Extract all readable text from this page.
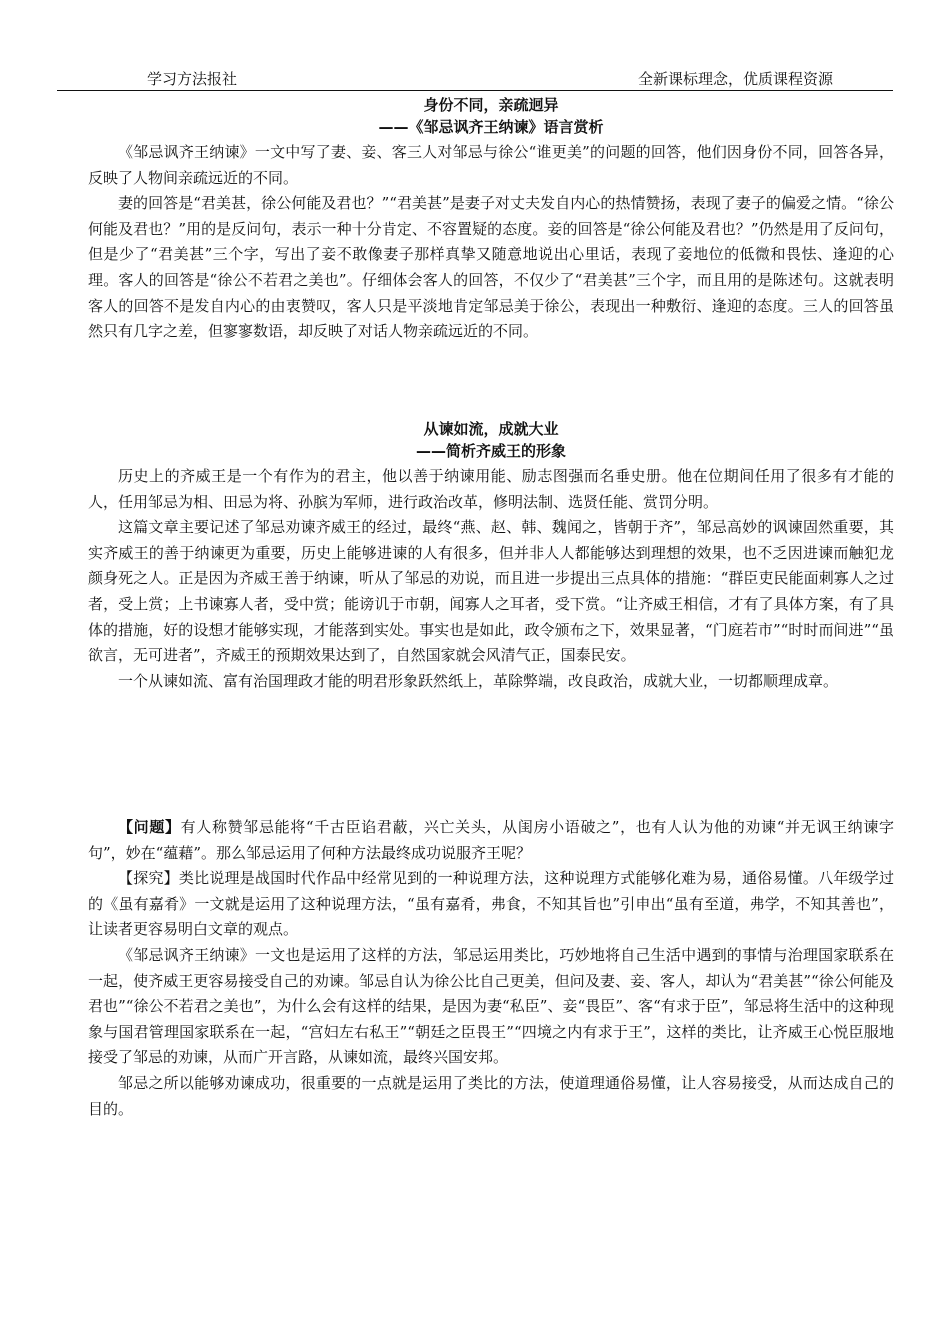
学习方法报社	全新课标理念，优质课程资源
身份不同，亲疏迥异
——《邹忌讽齐王纳谏》语言赏析

《邹忌讽齐王纳谏》一文中写了妻、妾、客三人对邹忌与徐公“谁更美”的问题的回答，他们因身份不同，回答各异，反映了人物间亲疏远近的不同。

妻的回答是“君美甚，徐公何能及君也？”“君美甚”是妻子对丈夫发自内心的热情赞扬，表现了妻子的偏爱之情。“徐公何能及君也？”用的是反问句，表示一种十分肯定、不容置疑的态度。妾的回答是“徐公何能及君也？”仍然是用了反问句，但是少了“君美甚”三个字，写出了妾不敢像妻子那样真挚又随意地说出心里话，表现了妾地位的低微和畏怯、逢迎的心理。客人的回答是“徐公不若君之美也”。仔细体会客人的回答，不仅少了“君美甚”三个字，而且用的是陈述句。这就表明客人的回答不是发自内心的由衷赞叹，客人只是平淡地肯定邹忌美于徐公，表现出一种敷衍、逢迎的态度。三人的回答虽然只有几字之差，但寥寥数语，却反映了对话人物亲疏远近的不同。

从谏如流，成就大业
——简析齐威王的形象

历史上的齐威王是一个有作为的君主，他以善于纳谏用能、励志图强而名垂史册。他在位期间任用了很多有才能的人，任用邹忌为相、田忌为将、孙膑为军师，进行政治改革，修明法制、选贤任能、赏罚分明。

这篇文章主要记述了邹忌劝谏齐威王的经过，最终“燕、赵、韩、魏闻之，皆朝于齐”，邹忌高妙的讽谏固然重要，其实齐威王的善于纳谏更为重要，历史上能够进谏的人有很多，但并非人人都能够达到理想的效果，也不乏因进谏而触犯龙颜身死之人。正是因为齐威王善于纳谏，听从了邹忌的劝说，而且进一步提出三点具体的措施：“群臣吏民能面刺寡人之过者，受上赏；上书谏寡人者，受中赏；能谤讥于市朝，闻寡人之耳者，受下赏。“让齐威王相信，才有了具体方案，有了具体的措施，好的设想才能够实现，才能落到实处。事实也是如此，政令颁布之下，效果显著，“门庭若市”“时时而间进”“虽欲言，无可进者”，齐威王的预期效果达到了，自然国家就会风清气正，国泰民安。

一个从谏如流、富有治国理政才能的明君形象跃然纸上，革除弊端，改良政治，成就大业，一切都顺理成章。

【问题】有人称赞邹忌能将“千古臣谄君蔽，兴亡关头，从闺房小语破之”，也有人认为他的劝谏“并无讽王纳谏字句”，妙在“蕴藉”。那么邹忌运用了何种方法最终成功说服齐王呢？

【探究】类比说理是战国时代作品中经常见到的一种说理方法，这种说理方式能够化难为易，通俗易懂。八年级学过的《虽有嘉肴》一文就是运用了这种说理方法，“虽有嘉肴，弗食，不知其旨也”引申出“虽有至道，弗学，不知其善也”，让读者更容易明白文章的观点。

《邹忌讽齐王纳谏》一文也是运用了这样的方法，邹忌运用类比，巧妙地将自己生活中遇到的事情与治理国家联系在一起，使齐威王更容易接受自己的劝谏。邹忌自认为徐公比自己更美，但问及妻、妾、客人，却认为“君美甚”“徐公何能及君也”“徐公不若君之美也”，为什么会有这样的结果，是因为妻“私臣”、妾“畏臣”、客“有求于臣”，邹忌将生活中的这种现象与国君管理国家联系在一起，“宫妇左右私王”“朝廷之臣畏王”“四境之内有求于王”，这样的类比，让齐威王心悦臣服地接受了邹忌的劝谏，从而广开言路，从谏如流，最终兴国安邦。

邹忌之所以能够劝谏成功，很重要的一点就是运用了类比的方法，使道理通俗易懂，让人容易接受，从而达成自己的目的。
